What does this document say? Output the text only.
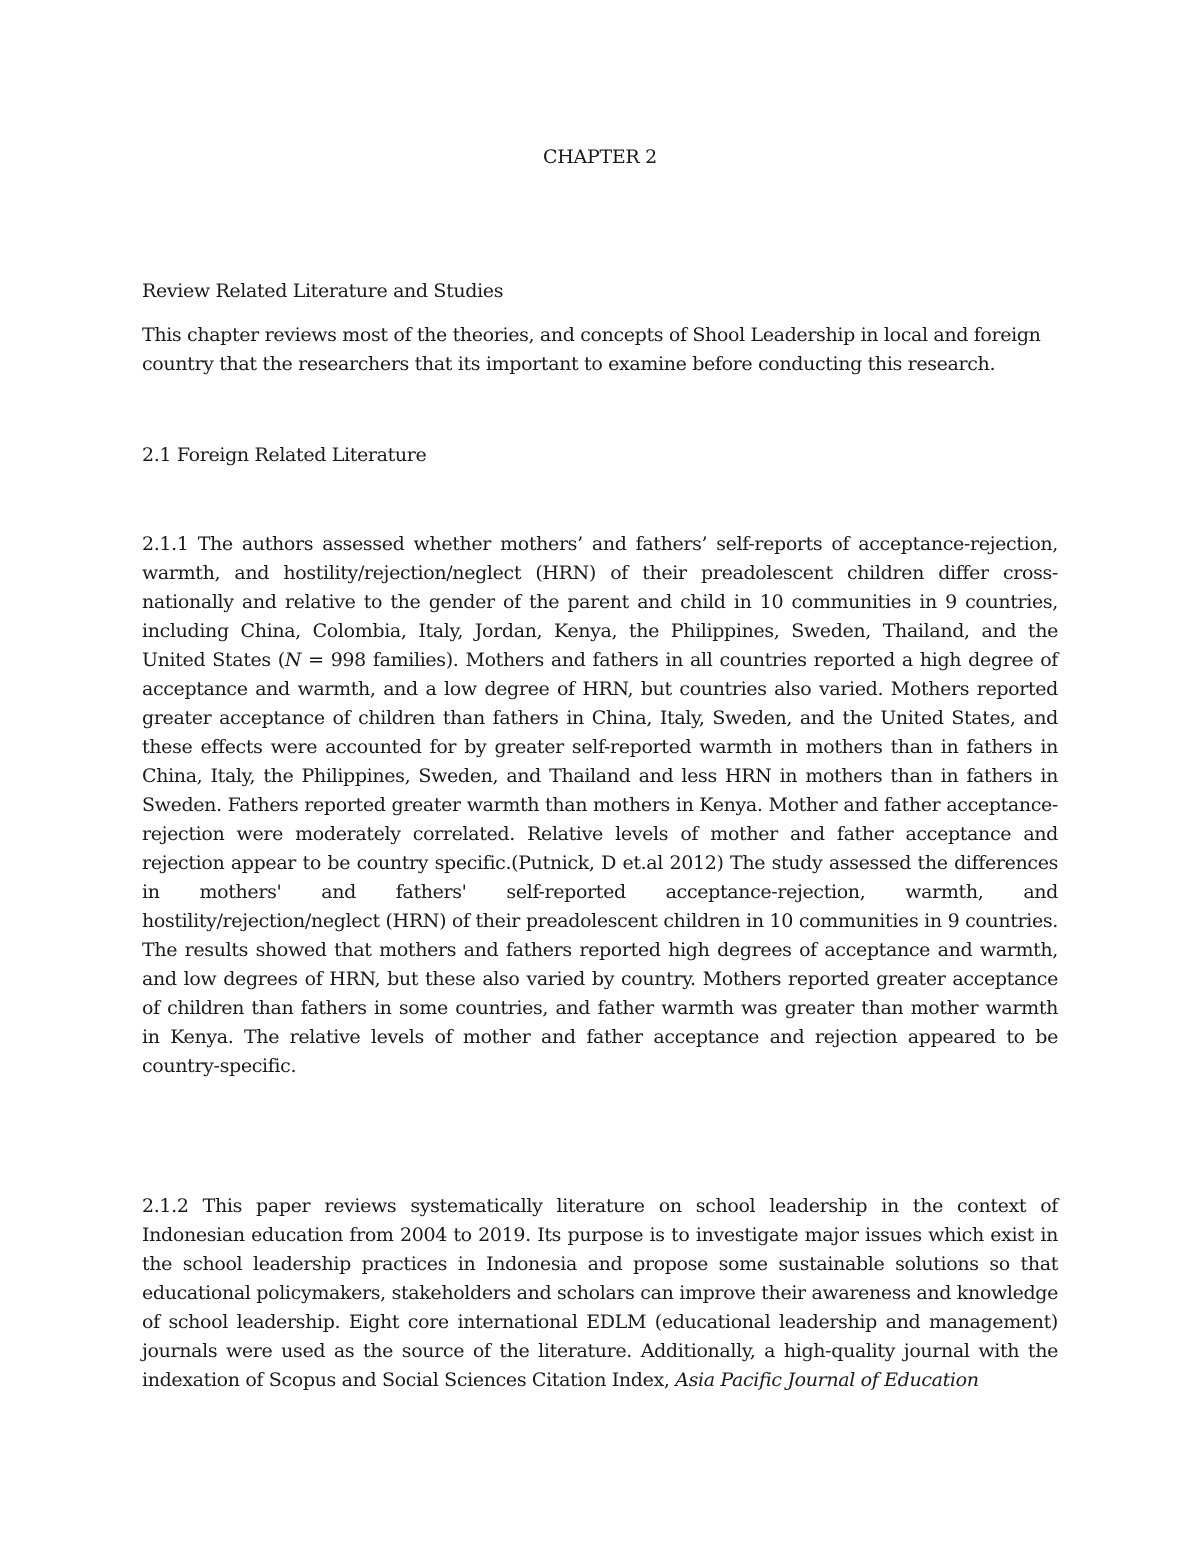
CHAPTER 2

Review Related Literature and Studies

This chapter reviews most of the theories, and concepts of Shool Leadership in local and foreign country that the researchers that its important to examine before conducting this research.

2.1 Foreign Related Literature

2.1.1 The authors assessed whether mothers’ and fathers’ self-reports of acceptance-rejection, warmth, and hostility/rejection/neglect (HRN) of their preadolescent children differ cross-nationally and relative to the gender of the parent and child in 10 communities in 9 countries, including China, Colombia, Italy, Jordan, Kenya, the Philippines, Sweden, Thailand, and the United States (N = 998 families). Mothers and fathers in all countries reported a high degree of acceptance and warmth, and a low degree of HRN, but countries also varied. Mothers reported greater acceptance of children than fathers in China, Italy, Sweden, and the United States, and these effects were accounted for by greater self-reported warmth in mothers than in fathers in China, Italy, the Philippines, Sweden, and Thailand and less HRN in mothers than in fathers in Sweden. Fathers reported greater warmth than mothers in Kenya. Mother and father acceptance-rejection were moderately correlated. Relative levels of mother and father acceptance and rejection appear to be country specific.(Putnick, D et.al 2012) The study assessed the differences in mothers' and fathers' self-reported acceptance-rejection, warmth, and hostility/rejection/neglect (HRN) of their preadolescent children in 10 communities in 9 countries. The results showed that mothers and fathers reported high degrees of acceptance and warmth, and low degrees of HRN, but these also varied by country. Mothers reported greater acceptance of children than fathers in some countries, and father warmth was greater than mother warmth in Kenya. The relative levels of mother and father acceptance and rejection appeared to be country-specific.

2.1.2 This paper reviews systematically literature on school leadership in the context of Indonesian education from 2004 to 2019. Its purpose is to investigate major issues which exist in the school leadership practices in Indonesia and propose some sustainable solutions so that educational policymakers, stakeholders and scholars can improve their awareness and knowledge of school leadership. Eight core international EDLM (educational leadership and management) journals were used as the source of the literature. Additionally, a high-quality journal with the indexation of Scopus and Social Sciences Citation Index, Asia Pacific Journal of Education
